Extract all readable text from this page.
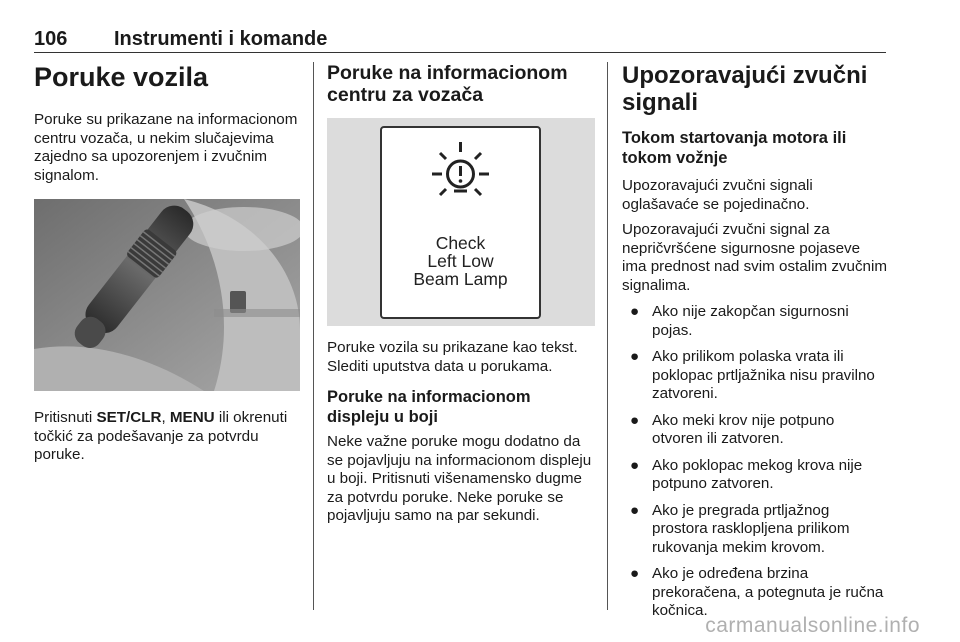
106 Instrumenti i komande
Poruke vozila

Poruke su prikazane na informacionom centru vozača, u nekim slučajevima zajedno sa upozorenjem i zvučnim signalom.

Pritisnuti SET/CLR, MENU ili okrenuti točkić za podešavanje za potvrdu poruke.

Poruke na informacionom centru za vozača
Check
Left Low
Beam Lamp

Poruke vozila su prikazane kao tekst. Slediti uputstva data u porukama.

Poruke na informacionom displeju u boji

Neke važne poruke mogu dodatno da se pojavljuju na informacionom displeju u boji. Pritisnuti višenamensko dugme za potvrdu poruke. Neke poruke se pojavljuju samo na par sekundi.

Upozoravajući zvučni signali
Tokom startovanja motora ili tokom vožnje

Upozoravajući zvučni signali oglašavaće se pojedinačno.

Upozoravajući zvučni signal za nepričvršćene sigurnosne pojaseve ima prednost nad svim ostalim zvučnim signalima.

● Ako nije zakopčan sigurnosni pojas.
● Ako prilikom polaska vrata ili poklopac prtljažnika nisu pravilno zatvoreni.
● Ako meki krov nije potpuno otvoren ili zatvoren.
● Ako poklopac mekog krova nije potpuno zatvoren.
● Ako je pregrada prtljažnog prostora rasklopljena prilikom rukovanja mekim krovom.
● Ako je određena brzina prekoračena, a potegnuta je ručna kočnica.
carmanualsonline.info
